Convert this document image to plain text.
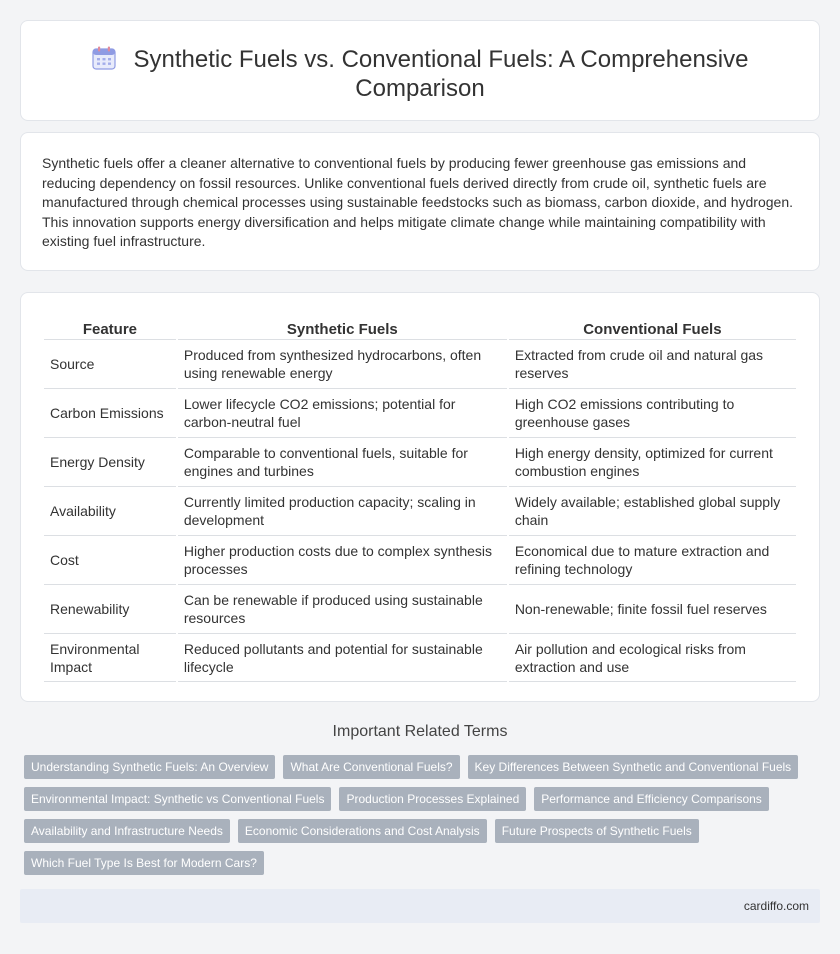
Synthetic Fuels vs. Conventional Fuels: A Comprehensive
Comparison

Synthetic fuels offer a cleaner alternative to conventional fuels by producing fewer greenhouse gas emissions and reducing dependency on fossil resources. Unlike conventional fuels derived directly from crude oil, synthetic fuels are manufactured through chemical processes using sustainable feedstocks such as biomass, carbon dioxide, and hydrogen. This innovation supports energy diversification and helps mitigate climate change while maintaining compatibility with existing fuel infrastructure.

Feature	Synthetic Fuels	Conventional Fuels
Source	Produced from synthesized hydrocarbons, often using renewable energy	Extracted from crude oil and natural gas reserves
Carbon Emissions	Lower lifecycle CO2 emissions; potential for carbon-neutral fuel	High CO2 emissions contributing to greenhouse gases
Energy Density	Comparable to conventional fuels, suitable for engines and turbines	High energy density, optimized for current combustion engines
Availability	Currently limited production capacity; scaling in development	Widely available; established global supply chain
Cost	Higher production costs due to complex synthesis processes	Economical due to mature extraction and refining technology
Renewability	Can be renewable if produced using sustainable resources	Non-renewable; finite fossil fuel reserves
Environmental Impact	Reduced pollutants and potential for sustainable lifecycle	Air pollution and ecological risks from extraction and use
Important Related Terms
Understanding Synthetic Fuels: An Overview	What Are Conventional Fuels?	Key Differences Between Synthetic and Conventional Fuels
Environmental Impact: Synthetic vs Conventional Fuels	Production Processes Explained	Performance and Efficiency Comparisons
Availability and Infrastructure Needs	Economic Considerations and Cost Analysis	Future Prospects of Synthetic Fuels
Which Fuel Type Is Best for Modern Cars?
cardiffo.com
